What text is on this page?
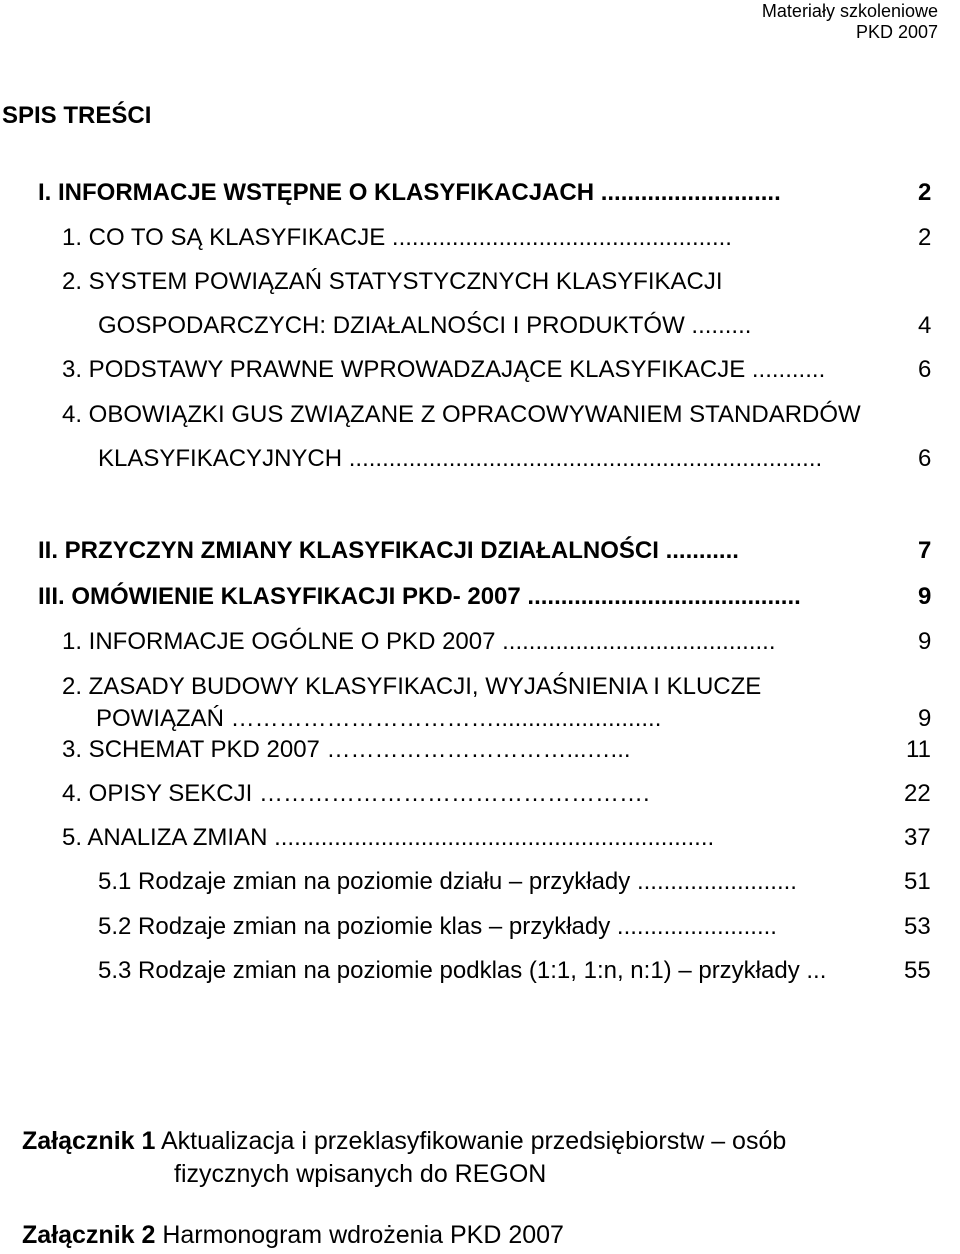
Materiały szkoleniowe
PKD 2007
SPIS TREŚCI
I. INFORMACJE WSTĘPNE O KLASYFIKACJACH ...........................	2
1. CO TO SĄ KLASYFIKACJE ...................................................	2
2. SYSTEM POWIĄZAŃ STATYSTYCZNYCH KLASYFIKACJI
GOSPODARCZYCH: DZIAŁALNOŚCI I PRODUKTÓW .........	4
3. PODSTAWY PRAWNE WPROWADZAJĄCE KLASYFIKACJE ...........	6
4. OBOWIĄZKI GUS ZWIĄZANE Z OPRACOWYWANIEM STANDARDÓW
KLASYFIKACYJNYCH .......................................................................	6
II. PRZYCZYN ZMIANY KLASYFIKACJI DZIAŁALNOŚCI ...........	7
III. OMÓWIENIE KLASYFIKACJI PKD- 2007 .........................................	9
1. INFORMACJE OGÓLNE O PKD 2007 .........................................	9
2. ZASADY BUDOWY KLASYFIKACJI, WYJAŚNIENIA I KLUCZE
POWIĄZAŃ …………………………….........................	9
3. SCHEMAT PKD 2007 …………………………...…...	11
4. OPISY SEKCJI ………………………………………….	22
5. ANALIZA ZMIAN ..................................................................	37
5.1 Rodzaje zmian na poziomie działu – przykłady ........................	51
5.2 Rodzaje zmian na poziomie klas – przykłady ........................	53
5.3 Rodzaje zmian na poziomie podklas (1:1, 1:n, n:1) – przykłady ...	55
Załącznik 1 Aktualizacja i przeklasyfikowanie przedsiębiorstw – osób
fizycznych wpisanych do REGON
Załącznik 2 Harmonogram wdrożenia PKD 2007
